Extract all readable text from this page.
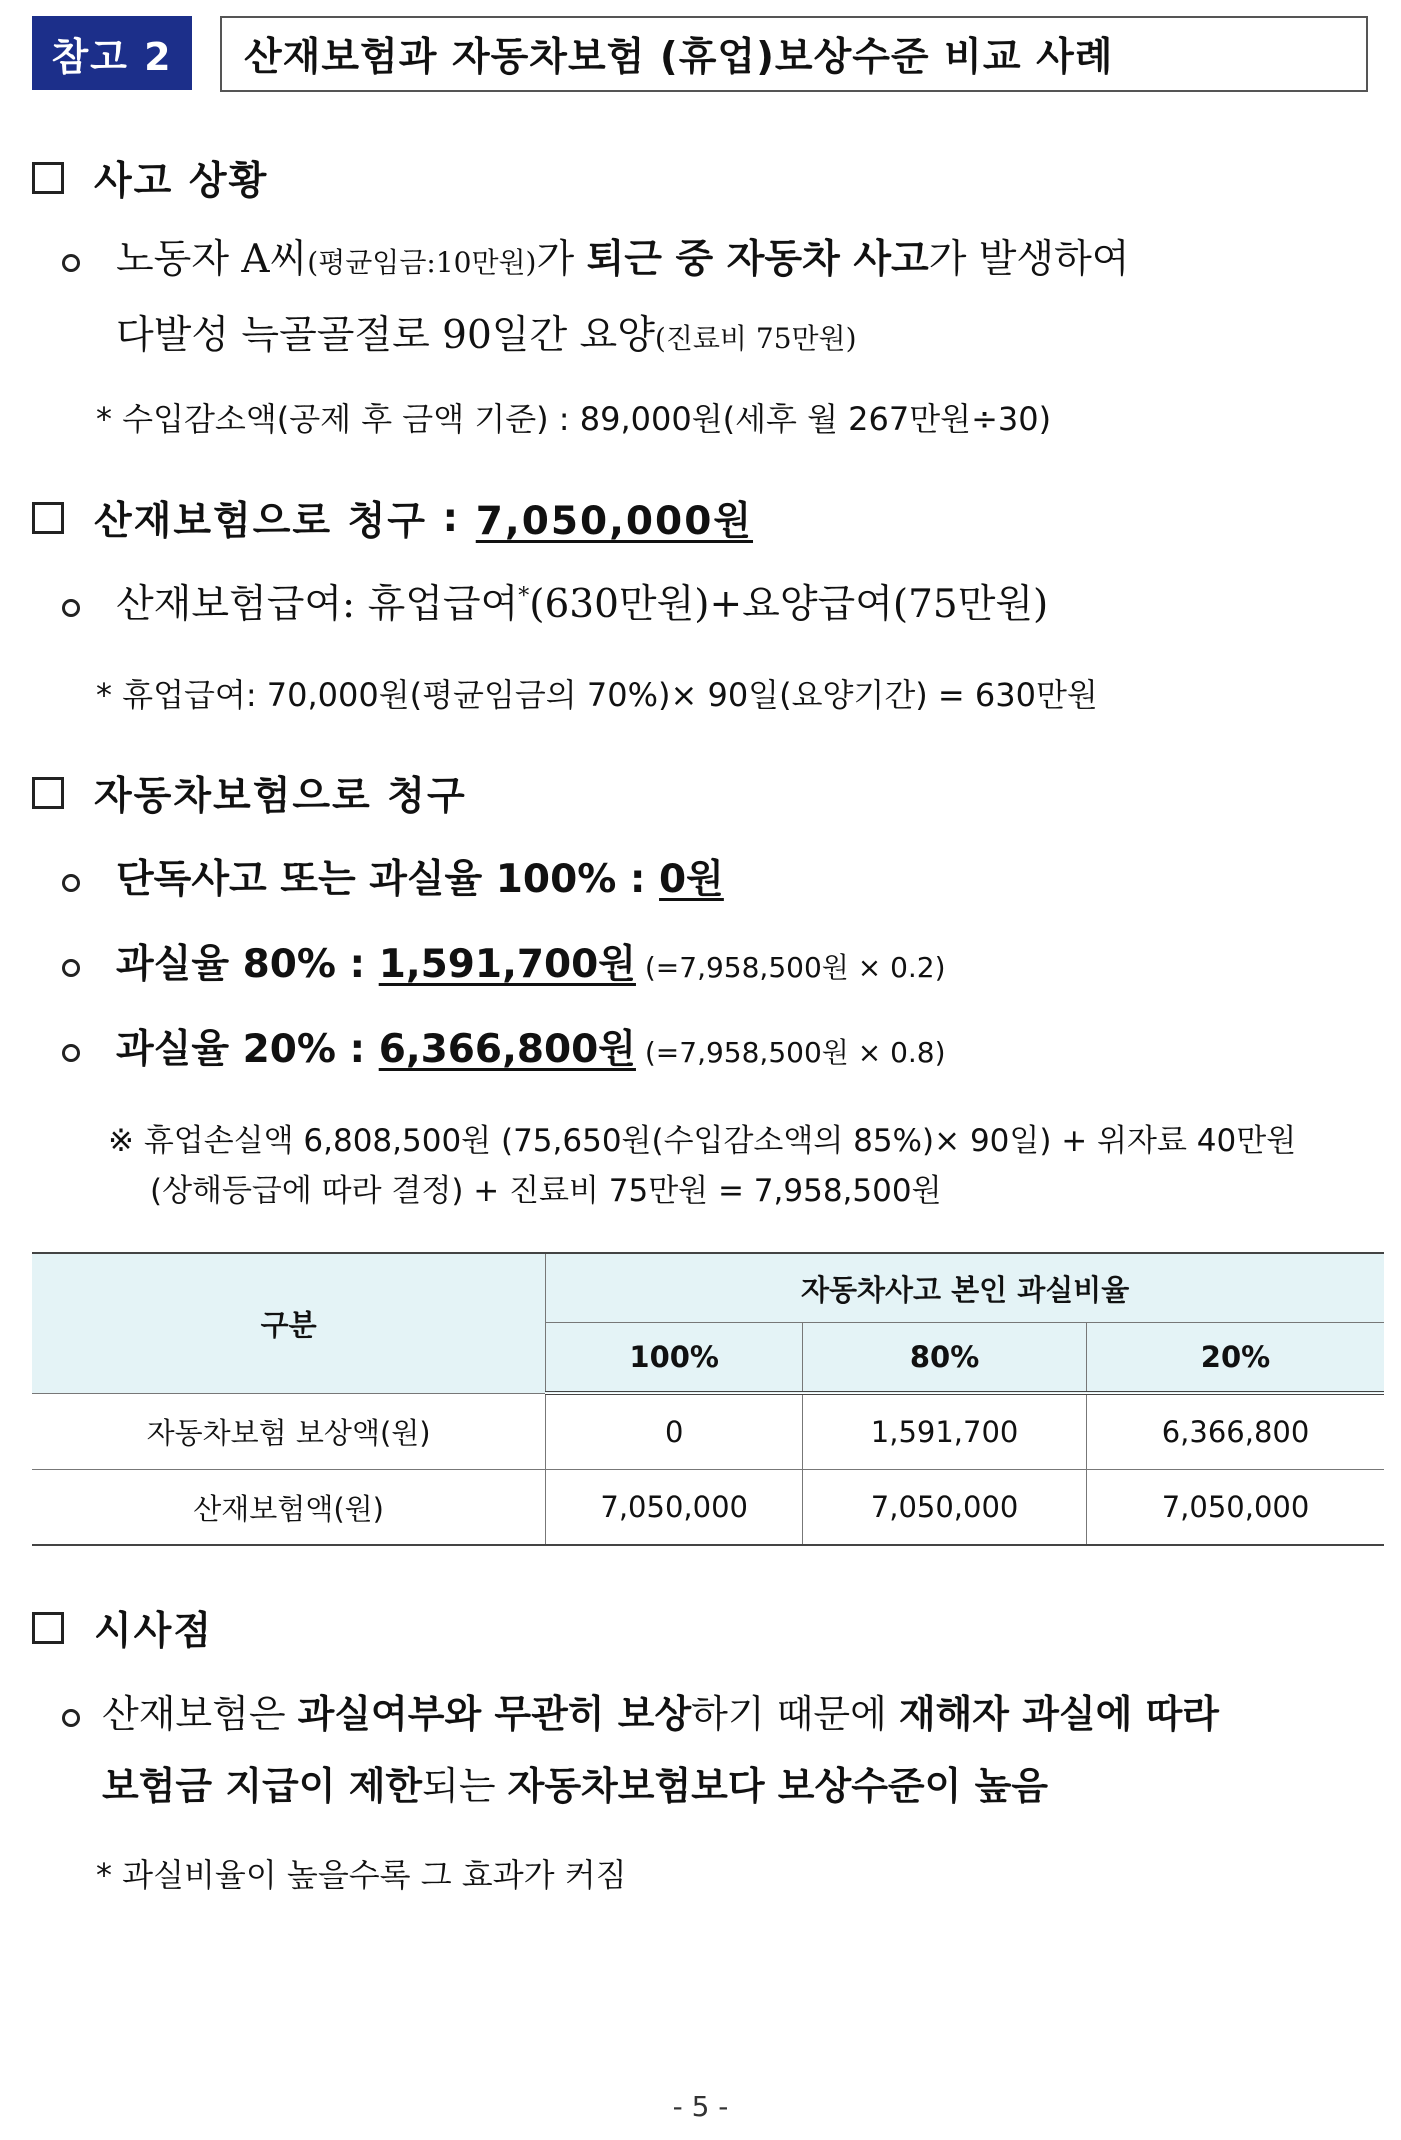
참고 2	산재보험과 자동차보험 (휴업)보상수준 비교 사례
사고 상황
노동자 A씨(평균임금:10만원)가 퇴근 중 자동차 사고가 발생하여
다발성 늑골골절로 90일간 요양(진료비 75만원)
* 수입감소액(공제 후 금액 기준) : 89,000원(세후 월 267만원÷30)
산재보험으로 청구 : 7,050,000원
산재보험급여: 휴업급여*(630만원)+요양급여(75만원)
* 휴업급여: 70,000원(평균임금의 70%)× 90일(요양기간) = 630만원
자동차보험으로 청구
단독사고 또는 과실율 100% : 0원
과실율 80% : 1,591,700원 (=7,958,500원 × 0.2)
과실율 20% : 6,366,800원 (=7,958,500원 × 0.8)
※ 휴업손실액 6,808,500원 (75,650원(수입감소액의 85%)× 90일) + 위자료 40만원
(상해등급에 따라 결정) + 진료비 75만원 = 7,958,500원
구분	자동차사고 본인 과실비율		
	100%	80%	20%
자동차보험 보상액(원)	0	1,591,700	6,366,800
산재보험액(원)	7,050,000	7,050,000	7,050,000
시사점
산재보험은 과실여부와 무관히 보상하기 때문에 재해자 과실에 따라
보험금 지급이 제한되는 자동차보험보다 보상수준이 높음
* 과실비율이 높을수록 그 효과가 커짐
- 5 -
